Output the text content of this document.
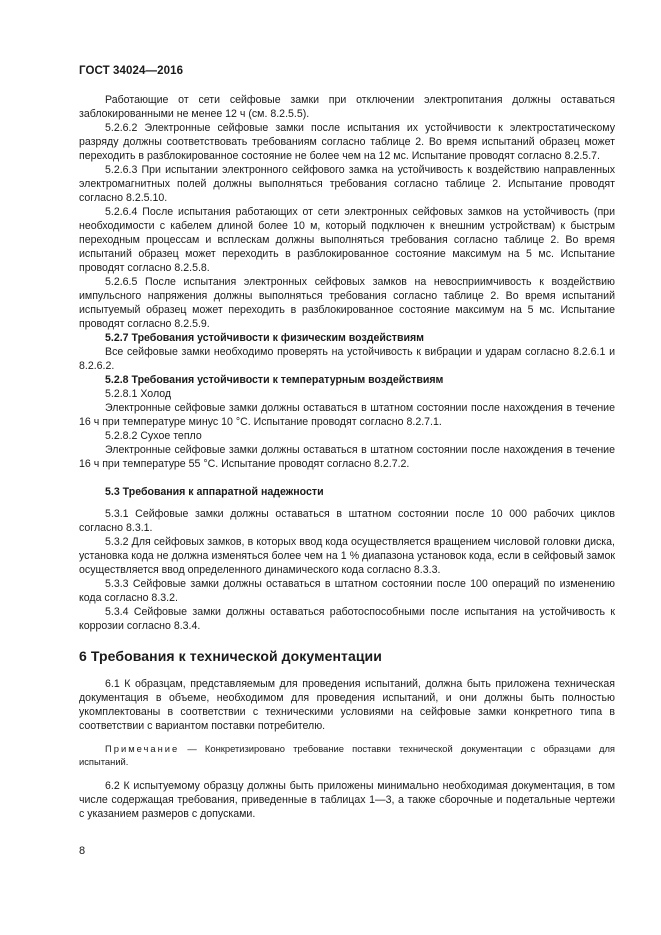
ГОСТ 34024—2016

Работающие от сети сейфовые замки при отключении электропитания должны оставаться заблокированными не менее 12 ч (см. 8.2.5.5).

5.2.6.2 Электронные сейфовые замки после испытания их устойчивости к электростатическому разряду должны соответствовать требованиям согласно таблице 2. Во время испытаний образец может переходить в разблокированное состояние не более чем на 12 мс. Испытание проводят согласно 8.2.5.7.

5.2.6.3 При испытании электронного сейфового замка на устойчивость к воздействию направленных электромагнитных полей должны выполняться требования согласно таблице 2. Испытание проводят согласно 8.2.5.10.

5.2.6.4 После испытания работающих от сети электронных сейфовых замков на устойчивость (при необходимости с кабелем длиной более 10 м, который подключен к внешним устройствам) к быстрым переходным процессам и всплескам должны выполняться требования согласно таблице 2. Во время испытаний образец может переходить в разблокированное состояние максимум на 5 мс. Испытание проводят согласно 8.2.5.8.

5.2.6.5 После испытания электронных сейфовых замков на невосприимчивость к воздействию импульсного напряжения должны выполняться требования согласно таблице 2. Во время испытаний испытуемый образец может переходить в разблокированное состояние максимум на 5 мс. Испытание проводят согласно 8.2.5.9.

5.2.7 Требования устойчивости к физическим воздействиям

Все сейфовые замки необходимо проверять на устойчивость к вибрации и ударам согласно 8.2.6.1 и 8.2.6.2.

5.2.8 Требования устойчивости к температурным воздействиям

5.2.8.1 Холод

Электронные сейфовые замки должны оставаться в штатном состоянии после нахождения в течение 16 ч при температуре минус 10 °С. Испытание проводят согласно 8.2.7.1.

5.2.8.2 Сухое тепло

Электронные сейфовые замки должны оставаться в штатном состоянии после нахождения в течение 16 ч при температуре 55 °С. Испытание проводят согласно 8.2.7.2.

5.3 Требования к аппаратной надежности

5.3.1 Сейфовые замки должны оставаться в штатном состоянии после 10 000 рабочих циклов согласно 8.3.1.

5.3.2 Для сейфовых замков, в которых ввод кода осуществляется вращением числовой головки диска, установка кода не должна изменяться более чем на 1 % диапазона установок кода, если в сейфовый замок осуществляется ввод определенного динамического кода согласно 8.3.3.

5.3.3 Сейфовые замки должны оставаться в штатном состоянии после 100 операций по изменению кода согласно 8.3.2.

5.3.4 Сейфовые замки должны оставаться работоспособными после испытания на устойчивость к коррозии согласно 8.3.4.

6 Требования к технической документации

6.1 К образцам, представляемым для проведения испытаний, должна быть приложена техническая документация в объеме, необходимом для проведения испытаний, и они должны быть полностью укомплектованы в соответствии с техническими условиями на сейфовые замки конкретного типа в соответствии с вариантом поставки потребителю.

Примечание — Конкретизировано требование поставки технической документации с образцами для испытаний.

6.2 К испытуемому образцу должны быть приложены минимально необходимая документация, в том числе содержащая требования, приведенные в таблицах 1—3, а также сборочные и подетальные чертежи с указанием размеров с допусками.

8
